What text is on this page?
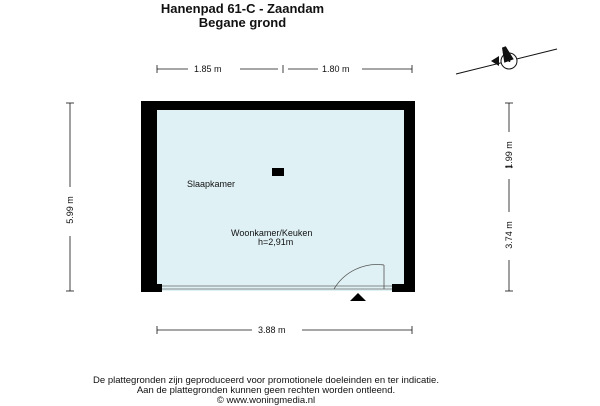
Hanenpad 61-C - Zaandam
Begane grond
N
1.85 m	1.80 m
3.88 m
5.99 m
1.99 m
3.74 m
Slaapkamer
Woonkamer/Keuken
h=2,91m
De plattegronden zijn geproduceerd voor promotionele doeleinden en ter indicatie.
Aan de plattegronden kunnen geen rechten worden ontleend.
© www.woningmedia.nl
